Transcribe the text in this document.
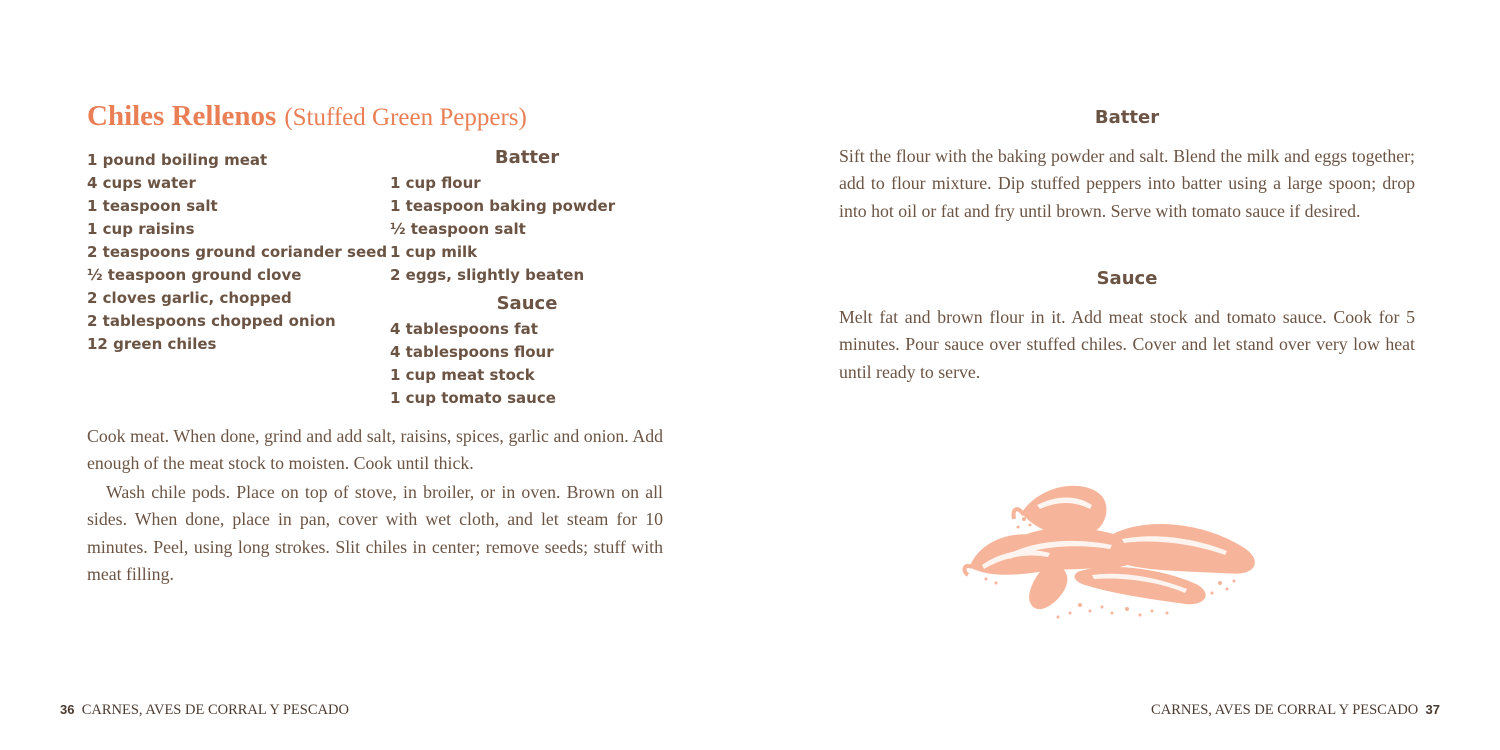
Chiles Rellenos (Stuffed Green Peppers)
1 pound boiling meat
4 cups water
1 teaspoon salt
1 cup raisins
2 teaspoons ground coriander seed
½ teaspoon ground clove
2 cloves garlic, chopped
2 tablespoons chopped onion
12 green chiles
Batter
1 cup flour
1 teaspoon baking powder
½ teaspoon salt
1 cup milk
2 eggs, slightly beaten
Sauce
4 tablespoons fat
4 tablespoons flour
1 cup meat stock
1 cup tomato sauce

Cook meat. When done, grind and add salt, raisins, spices, garlic and onion. Add enough of the meat stock to moisten. Cook until thick.

Wash chile pods. Place on top of stove, in broiler, or in oven. Brown on all sides. When done, place in pan, cover with wet cloth, and let steam for 10 minutes. Peel, using long strokes. Slit chiles in center; remove seeds; stuff with meat filling.

36 CARNES, AVES DE CORRAL Y PESCADO
Batter

Sift the flour with the baking powder and salt. Blend the milk and eggs together; add to flour mixture. Dip stuffed peppers into batter using a large spoon; drop into hot oil or fat and fry until brown. Serve with tomato sauce if desired.

Sauce

Melt fat and brown flour in it. Add meat stock and tomato sauce. Cook for 5 minutes. Pour sauce over stuffed chiles. Cover and let stand over very low heat until ready to serve.

CARNES, AVES DE CORRAL Y PESCADO 37
